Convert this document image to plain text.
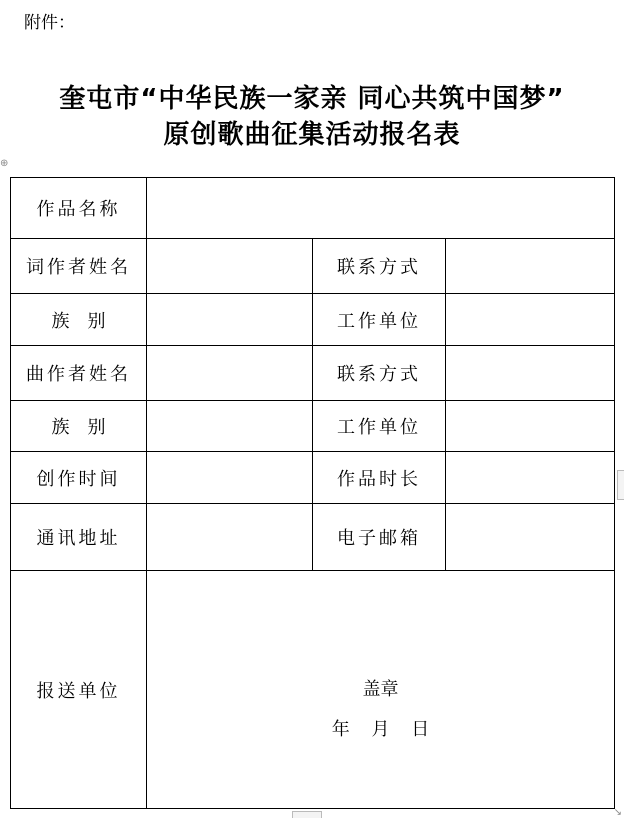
附件：
奎屯市“中华民族一家亲 同心共筑中国梦”
原创歌曲征集活动报名表
⊕
作品名称			
词作者姓名		联系方式	
族别		工作单位	
曲作者姓名		联系方式	
族别		工作单位	
创作时间		作品时长	
通讯地址		电子邮箱	
报送单位	盖章
年 月 日		
↘
